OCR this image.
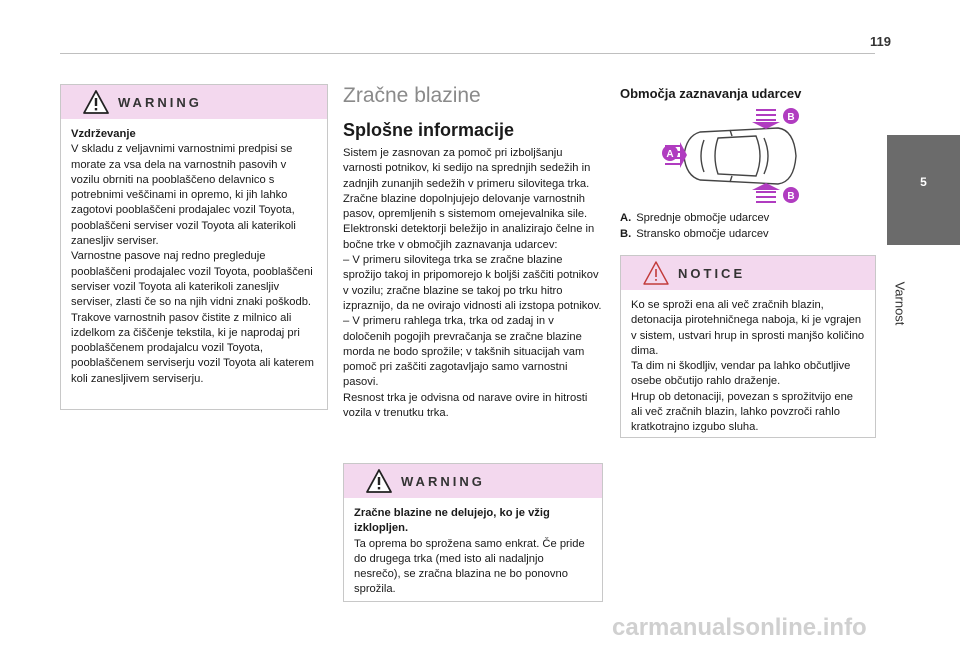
119
5
Varnost
WARNING

Vzdrževanje

V skladu z veljavnimi varnostnimi predpisi se morate za vsa dela na varnostnih pasovih v vozilu obrniti na pooblaščeno delavnico s potrebnimi veščinami in opremo, ki jih lahko zagotovi pooblaščeni prodajalec vozil Toyota, pooblaščeni serviser vozil Toyota ali katerikoli zanesljiv serviser.

Varnostne pasove naj redno pregleduje pooblaščeni prodajalec vozil Toyota, pooblaščeni serviser vozil Toyota ali katerikoli zanesljiv serviser, zlasti če so na njih vidni znaki poškodb.

Trakove varnostnih pasov čistite z milnico ali izdelkom za čiščenje tekstila, ki je naprodaj pri pooblaščenem prodajalcu vozil Toyota, pooblaščenem serviserju vozil Toyota ali katerem koli zanesljivem serviserju.

Zračne blazine
Splošne informacije

Sistem je zasnovan za pomoč pri izboljšanju varnosti potnikov, ki sedijo na sprednjih sedežih in zadnjih zunanjih sedežih v primeru silovitega trka. Zračne blazine dopolnjujejo delovanje varnostnih pasov, opremljenih s sistemom omejevalnika sile.

Elektronski detektorji beležijo in analizirajo čelne in bočne trke v območjih zaznavanja udarcev:

– V primeru silovitega trka se zračne blazine sprožijo takoj in pripomorejo k boljši zaščiti potnikov v vozilu; zračne blazine se takoj po trku hitro izpraznijo, da ne ovirajo vidnosti ali izstopa potnikov.

– V primeru rahlega trka, trka od zadaj in v določenih pogojih prevračanja se zračne blazine morda ne bodo sprožile; v takšnih situacijah vam pomoč pri zaščiti zagotavljajo samo varnostni pasovi.

Resnost trka je odvisna od narave ovire in hitrosti vozila v trenutku trka.

WARNING

Zračne blazine ne delujejo, ko je vžig izklopljen.

Ta oprema bo sprožena samo enkrat. Če pride do drugega trka (med isto ali nadaljnjo nesrečo), se zračna blazina ne bo ponovno sprožila.

Območja zaznavanja udarcev
A
B
B
A. Sprednje območje udarcev
B. Stransko območje udarcev
NOTICE

Ko se sproži ena ali več zračnih blazin, detonacija pirotehničnega naboja, ki je vgrajen v sistem, ustvari hrup in sprosti manjšo količino dima.

Ta dim ni škodljiv, vendar pa lahko občutljive osebe občutijo rahlo draženje.

Hrup ob detonaciji, povezan s sprožitvijo ene ali več zračnih blazin, lahko povzroči rahlo kratkotrajno izgubo sluha.

carmanualsonline.info
